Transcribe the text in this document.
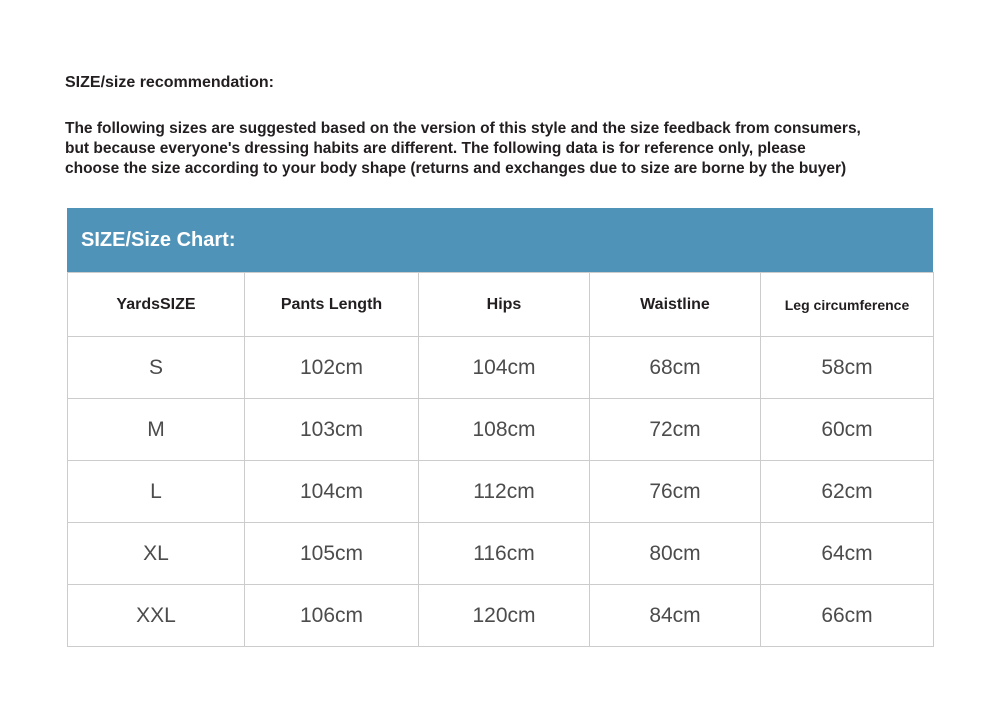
SIZE/size recommendation:
The following sizes are suggested based on the version of this style and the size feedback from consumers,
but because everyone's dressing habits are different. The following data is for reference only, please
choose the size according to your body shape (returns and exchanges due to size are borne by the buyer)
SIZE/Size Chart:
YardsSIZE	Pants Length	Hips	Waistline	Leg circumference
S	102cm	104cm	68cm	58cm
M	103cm	108cm	72cm	60cm
L	104cm	112cm	76cm	62cm
XL	105cm	116cm	80cm	64cm
XXL	106cm	120cm	84cm	66cm
